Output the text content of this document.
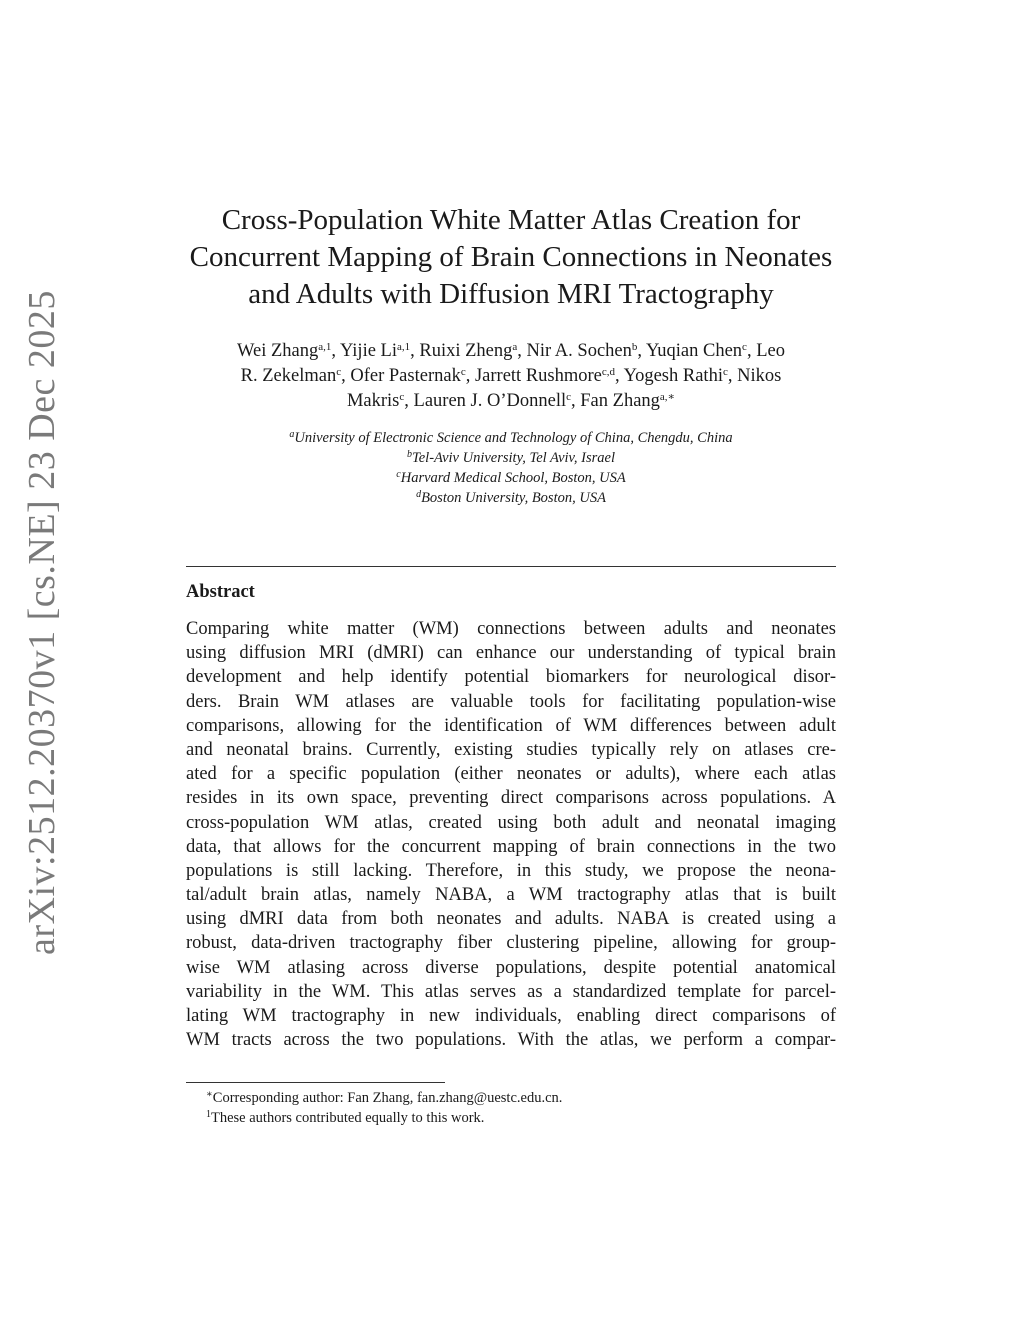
arXiv:2512.20370v1 [cs.NE] 23 Dec 2025
Cross-Population White Matter Atlas Creation for
Concurrent Mapping of Brain Connections in Neonates
and Adults with Diffusion MRI Tractography
Wei Zhang$^{a,1}$, Yijie Li$^{a,1}$, Ruixi Zheng$^a$, Nir A. Sochen$^b$, Yuqian Chen$^c$, Leo
R. Zekelman$^c$, Ofer Pasternak$^c$, Jarrett Rushmore$^{c,d}$, Yogesh Rathi$^c$, Nikos
Makris$^c$, Lauren J. O’Donnell$^c$, Fan Zhang$^{a,∗}$
$^a$University of Electronic Science and Technology of China, Chengdu, China
$^b$Tel-Aviv University, Tel Aviv, Israel
$^c$Harvard Medical School, Boston, USA
$^d$Boston University, Boston, USA
Abstract
Comparing white matter (WM) connections between adults and neonates
using diffusion MRI (dMRI) can enhance our understanding of typical brain
development and help identify potential biomarkers for neurological disor-
ders. Brain WM atlases are valuable tools for facilitating population-wise
comparisons, allowing for the identification of WM differences between adult
and neonatal brains. Currently, existing studies typically rely on atlases cre-
ated for a specific population (either neonates or adults), where each atlas
resides in its own space, preventing direct comparisons across populations. A
cross-population WM atlas, created using both adult and neonatal imaging
data, that allows for the concurrent mapping of brain connections in the two
populations is still lacking. Therefore, in this study, we propose the neona-
tal/adult brain atlas, namely NABA, a WM tractography atlas that is built
using dMRI data from both neonates and adults. NABA is created using a
robust, data-driven tractography fiber clustering pipeline, allowing for group-
wise WM atlasing across diverse populations, despite potential anatomical
variability in the WM. This atlas serves as a standardized template for parcel-
lating WM tractography in new individuals, enabling direct comparisons of
WM tracts across the two populations. With the atlas, we perform a compar-
∗Corresponding author: Fan Zhang, fan.zhang@uestc.edu.cn.
$^1$These authors contributed equally to this work.
